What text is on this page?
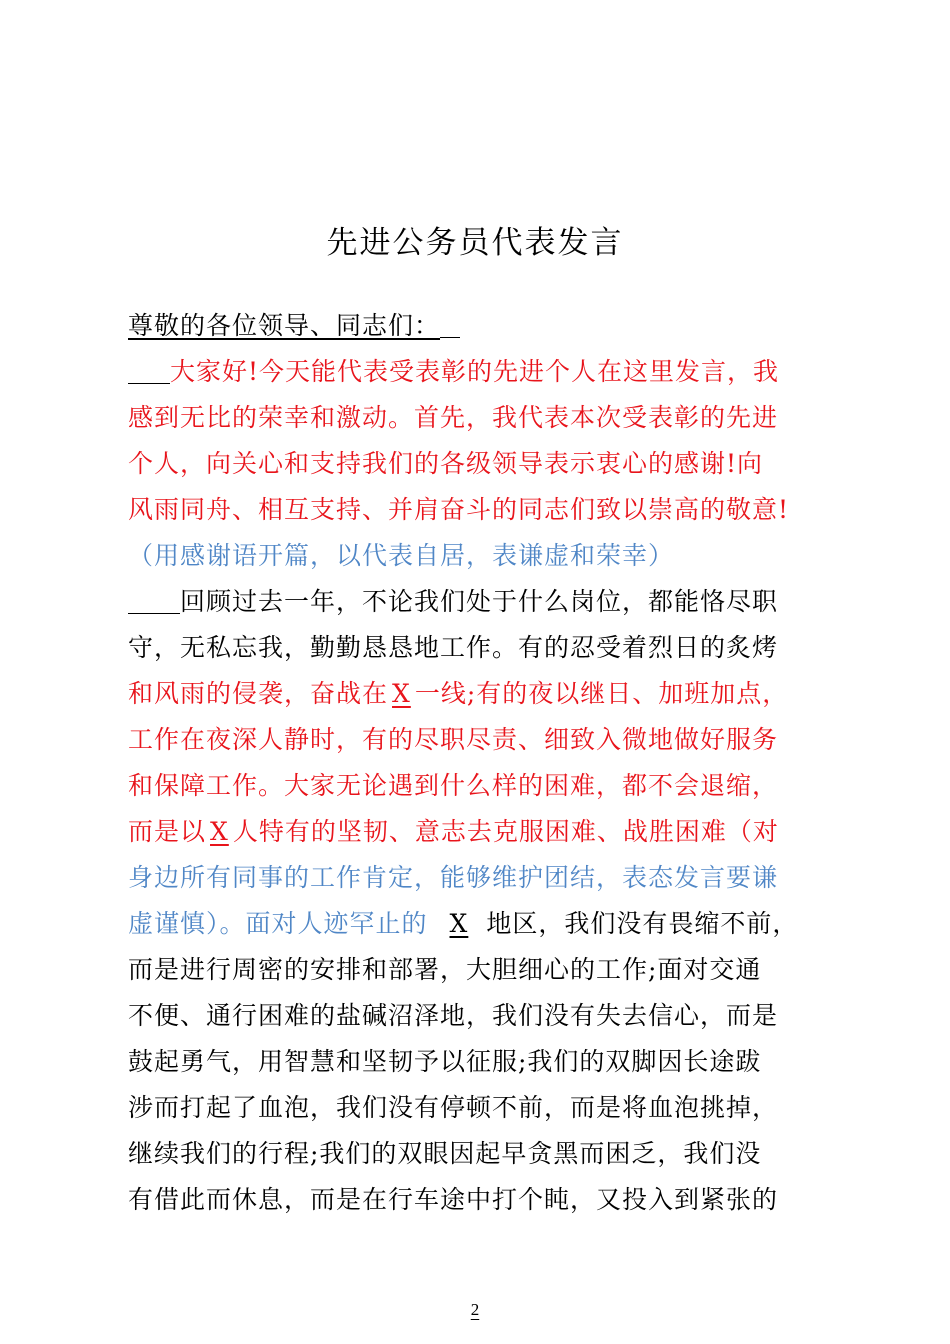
先进公务员代表发言
尊敬的各位领导、同志们：
大家好!今天能代表受表彰的先进个人在这里发言，我
感到无比的荣幸和激动。首先，我代表本次受表彰的先进
个人，向关心和支持我们的各级领导表示衷心的感谢!向
风雨同舟、相互支持、并肩奋斗的同志们致以崇高的敬意!
（用感谢语开篇，以代表自居，表谦虚和荣幸）
回顾过去一年，不论我们处于什么岗位，都能恪尽职
守，无私忘我，勤勤恳恳地工作。有的忍受着烈日的炙烤
和风雨的侵袭，奋战在 X 一线;有的夜以继日、加班加点，
工作在夜深人静时，有的尽职尽责、细致入微地做好服务
和保障工作。大家无论遇到什么样的困难，都不会退缩，
而是以 X 人特有的坚韧、意志去克服困难、战胜困难（对
身边所有同事的工作肯定，能够维护团结，表态发言要谦
虚谨慎）。面对人迹罕止的 X 地区，我们没有畏缩不前，
而是进行周密的安排和部署，大胆细心的工作;面对交通
不便、通行困难的盐碱沼泽地，我们没有失去信心，而是
鼓起勇气，用智慧和坚韧予以征服;我们的双脚因长途跋
涉而打起了血泡，我们没有停顿不前，而是将血泡挑掉，
继续我们的行程;我们的双眼因起早贪黑而困乏，我们没
有借此而休息，而是在行车途中打个盹，又投入到紧张的
2
